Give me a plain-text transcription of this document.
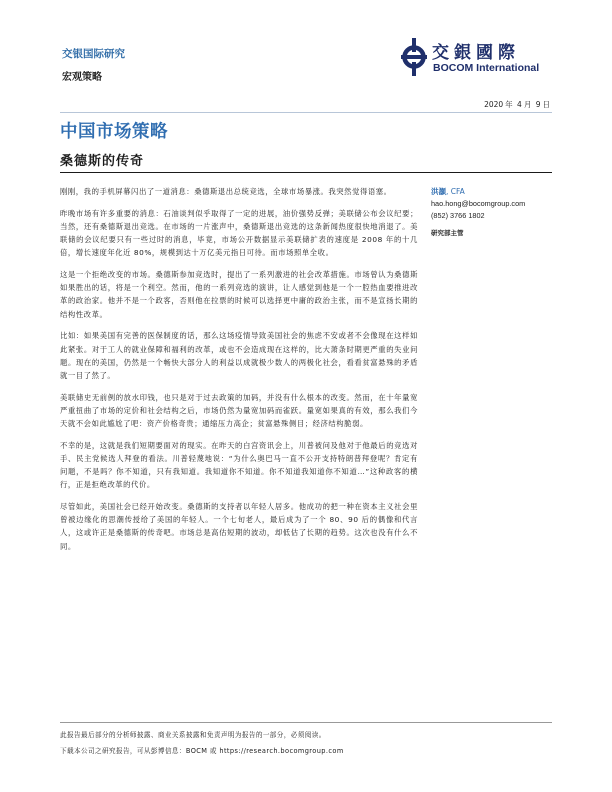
交银国际研究
宏观策略
交銀國際
BOCOM International
2020 年 4 月 9 日
中国市场策略
桑德斯的传奇

刚刚，我的手机屏幕闪出了一道消息：桑德斯退出总统竞选，全球市场暴涨。我突然觉得语塞。

昨晚市场有许多重要的消息：石油谈判似乎取得了一定的进展，油价强势反弹；美联储公布会议纪要；当然，还有桑德斯退出竞选。在市场的一片涨声中，桑德斯退出竞选的这条新闻热度很快地消退了。美联储的会议纪要只有一些过时的消息，毕竟，市场公开数据显示美联储扩表的速度是 2008 年的十几倍，增长速度年化近 80%，规模到达十万亿美元指日可待。而市场照单全收。

这是一个拒绝改变的市场。桑德斯参加竞选时，提出了一系列激进的社会改革措施。市场曾认为桑德斯如果胜出的话，将是一个利空。然而，他的一系列竞选的演讲，让人感觉到他是一个一腔热血要推进改革的政治家。他并不是一个政客，否则他在拉票的时候可以选择更中庸的政治主张，而不是宣扬长期的结构性改革。

比如：如果美国有完善的医保制度的话，那么这场疫情导致美国社会的焦虑不安或者不会像现在这样如此紧张。对于工人的就业保障和福利的改革，或也不会造成现在这样的，比大萧条时期更严重的失业问题。现在的美国，仍然是一个畅快大部分人的利益以成就极少数人的两极化社会，看看贫富悬殊的矛盾就一目了然了。

美联储史无前例的放水印钱，也只是对于过去政策的加码，并没有什么根本的改变。然而，在十年量宽严重扭曲了市场的定价和社会结构之后，市场仍然为量宽加码而雀跃。量宽如果真的有效，那么我们今天就不会如此尴尬了吧：资产价格奇贵；通缩压力高企；贫富悬殊侧目；经济结构脆弱。

不幸的是，这就是我们短期要面对的现实。在昨天的白宫资讯会上，川普被问及他对于他最后的竞选对手、民主党候选人拜登的看法。川普轻蔑地说：“为什么奥巴马一直不公开支持特朗普拜登呢？肯定有问题，不是吗？你不知道，只有我知道。我知道你不知道。你不知道我知道你不知道…”这种政客的横行，正是拒绝改革的代价。

尽管如此，美国社会已经开始改变。桑德斯的支持者以年轻人居多。他成功的把一种在资本主义社会里曾被边缘化的思潮传授给了美国的年轻人。一个七旬老人，最后成为了一个 80、90 后的偶像和代言人，这或许正是桑德斯的传奇吧。市场总是高估短期的波动，却低估了长期的趋势。这次也没有什么不同。

洪灝, CFA
hao.hong@bocomgroup.com
(852) 3766 1802
研究部主管
此报告最后部分的分析师披露、商业关系披露和免责声明为报告的一部分，必须阅读。
下载本公司之研究报告，可从彭博信息：BOCM 或 https://research.bocomgroup.com
